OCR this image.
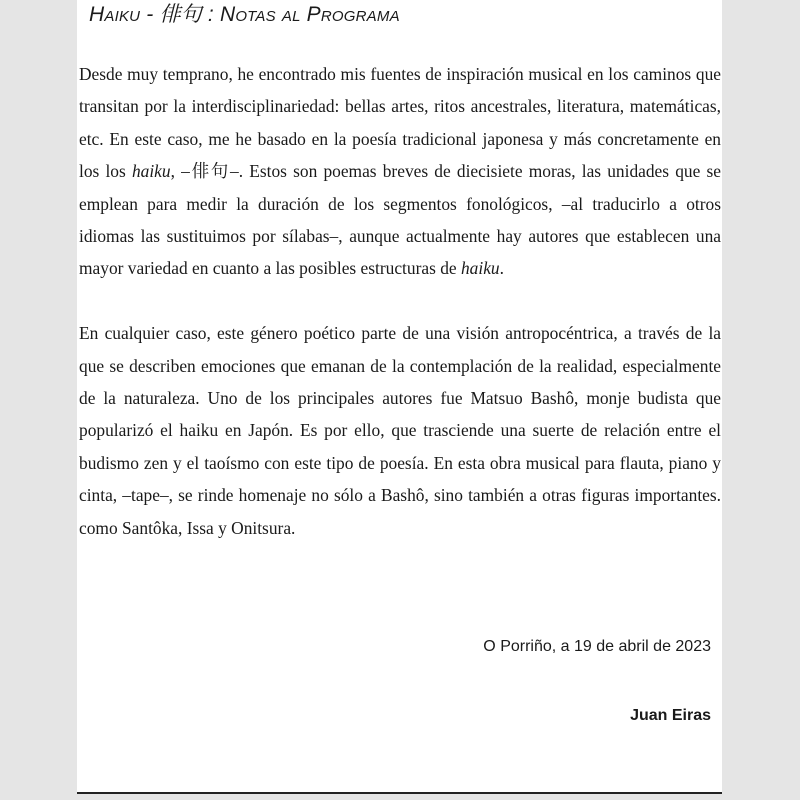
Haiku - 俳句 : Notas al Programa

Desde muy temprano, he encontrado mis fuentes de inspiración musical en los caminos que transitan por la interdisciplinariedad: bellas artes, ritos ancestrales, literatura, matemáticas, etc. En este caso, me he basado en la poesía tradicional japonesa y más concretamente en los los haiku, –俳句–. Estos son poemas breves de diecisiete moras, las unidades que se emplean para medir la duración de los segmentos fonológicos, –al traducirlo a otros idiomas las sustituimos por sílabas–, aunque actualmente hay autores que establecen una mayor variedad en cuanto a las posibles estructuras de haiku.

En cualquier caso, este género poético parte de una visión antropocéntrica, a través de la que se describen emociones que emanan de la contemplación de la realidad, especialmente de la naturaleza. Uno de los principales autores fue Matsuo Bashô, monje budista que popularizó el haiku en Japón. Es por ello, que trasciende una suerte de relación entre el budismo zen y el taoísmo con este tipo de poesía. En esta obra musical para flauta, piano y cinta, –tape–, se rinde homenaje no sólo a Bashô, sino también a otras figuras importantes. como Santôka, Issa y Onitsura.

O Porriño, a 19 de abril de 2023

Juan Eiras
